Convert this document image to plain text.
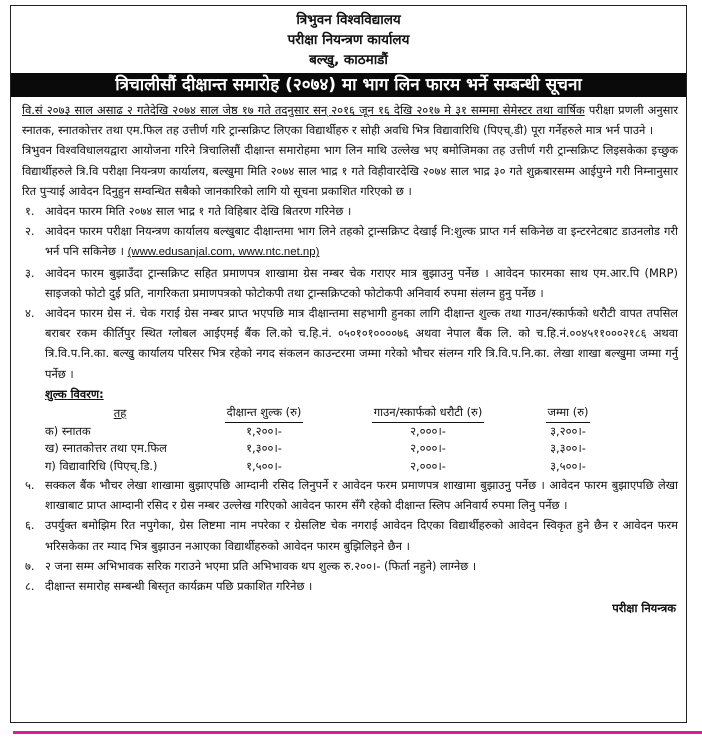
त्रिभुवन विश्वविद्यालय
परीक्षा नियन्त्रण कार्यालय
बल्खु, काठमाडौं
त्रिचालीसौं दीक्षान्त समारोह (२०७४) मा भाग लिन फारम भर्ने सम्बन्धी सूचना

वि.सं २०७३ साल असाढ २ गतेदेखि २०७४ साल जेष्ठ १७ गते तदनुसार सन् २०१६ जून १६ देखि २०१७ मे ३१ सम्ममा सेमेस्टर तथा वार्षिक परीक्षा प्रणली अनुसार स्नातक, स्नातकोत्तर तथा एम.फिल तह उत्तीर्ण गरि ट्रान्सक्रिप्ट लिएका विद्यार्थीहरु र सोही अवधि भित्र विद्यावारिधि (पिएच्.डी) पूरा गर्नेहरुले मात्र भर्न पाउने ।

त्रिभुवन विश्वविधालयद्वारा आयोजना गरिने त्रिचालिसौं दीक्षान्त समारोहमा भाग लिन माथि उल्लेख भए बमोजिमका तह उत्तीर्ण गरी ट्रान्सक्रिप्ट लिइसकेका इच्छुक विद्यार्थीहरुले त्रि.वि परीक्षा नियन्त्रण कार्यालय, बल्खुमा मिति २०७४ साल भाद्र १ गते विहीवारदेखि २०७४ साल भाद्र ३० गते शुक्रबारसम्म आईपुग्ने गरी निम्नानुसार रित पुऱ्याई आवेदन दिनुहुन सम्वन्धित सबैको जानकारिको लागि यो सूचना प्रकाशित गरिएको छ ।

१. आवेदन फारम मिति २०७४ साल भाद्र १ गते विहिबार देखि बितरण गरिनेछ ।
२. आवेदन फारम परीक्षा नियन्त्रण कार्यालय बल्खुबाट दीक्षान्तमा भाग लिने तहको ट्रान्सक्रिप्ट देखाई नि:शुल्क प्राप्त गर्न सकिनेछ वा इन्टरनेटबाट डाउनलोड गरी भर्न पनि सकिनेछ । (www.edusanjal.com, www.ntc.net.np)
३. आवेदन फारम बुझाउँदा ट्रान्सक्रिप्ट सहित प्रमाणपत्र शाखामा ग्रेस नम्बर चेक गराएर मात्र बुझाउनु पर्नेछ । आवेदन फारमका साथ एम.आर.पि (MRP) साइजको फोटो दुई प्रति, नागरिकता प्रमाणपत्रको फोटोकपी तथा ट्रान्सक्रिप्टको फोटोकपी अनिवार्य रुपमा संलग्न हुनु पर्नेछ ।
४. आवेदन फारम ग्रेस नं. चेक गराई ग्रेस नम्बर प्राप्त भएपछि मात्र दीक्षान्तमा सहभागी हुनका लागि दीक्षान्त शुल्क तथा गाउन/स्कार्फको धरौटी वापत तपसिल बराबर रकम कीर्तिपुर स्थित ग्लोबल आईएमई बैंक लि.को च.हि.नं. ०५०१०१००००७६ अथवा नेपाल बैंक लि. को च.हि.नं.००४५११०००२१८६ अथवा त्रि.वि.प.नि.का. बल्खु कार्यालय परिसर भित्र रहेको नगद संकलन काउन्टरमा जम्मा गरेको भौचर संलग्न गरि त्रि.वि.प.नि.का. लेखा शाखा बल्खुमा जम्मा गर्नु पर्नेछ ।
शुल्क विवरण:
तह	दीक्षान्त शुल्क (रु)	गाउन/स्कार्फको धरौटी (रु)	जम्मा (रु)
क) स्नातक	१,२००।-	२,०००।-	३,२००।-
ख) स्नातकोत्तर तथा एम.फिल	१,३००।-	२,०००।-	३,३००।-
ग) विद्यावारिधि (पिएच्.डि.)	१,५००।-	२,०००।-	३,५००।-
५. सक्कल बैंक भौचर लेखा शाखामा बुझाएपछि आम्दानी रसिद लिनुपर्ने र आवेदन फरम प्रमाणपत्र शाखामा बुझाउनु पर्नेछ । आवेदन फारम बुझाएपछि लेखा शाखाबाट प्राप्त आम्दानी रसिद र ग्रेस नम्बर उल्लेख गरिएको आवेदन फारम सँगै रहेको दीक्षान्त स्लिप अनिवार्य रुपमा लिनु पर्नेछ ।
६. उपर्युक्त बमोझिम रित नपुगेका, ग्रेस लिष्टमा नाम नपरेका र ग्रेसलिष्ट चेक नगराई आवेदन दिएका विद्यार्थीहरुको आवेदन स्विकृत हुने छैन र आवेदन फरम भरिसकेका तर म्याद भित्र बुझाउन नआएका विद्यार्थीहरुको आवेदन फारम बुझिलिइने छैन ।
७. २ जना सम्म अभिभावक सरिक गराउने भएमा प्रति अभिभावक थप शुल्क रु.२००।- (फिर्ता नहुने) लाग्नेछ ।
८. दीक्षान्त समारोह सम्बन्धी बिस्तृत कार्यक्रम पछि प्रकाशित गरिनेछ ।
परीक्षा नियन्त्रक
